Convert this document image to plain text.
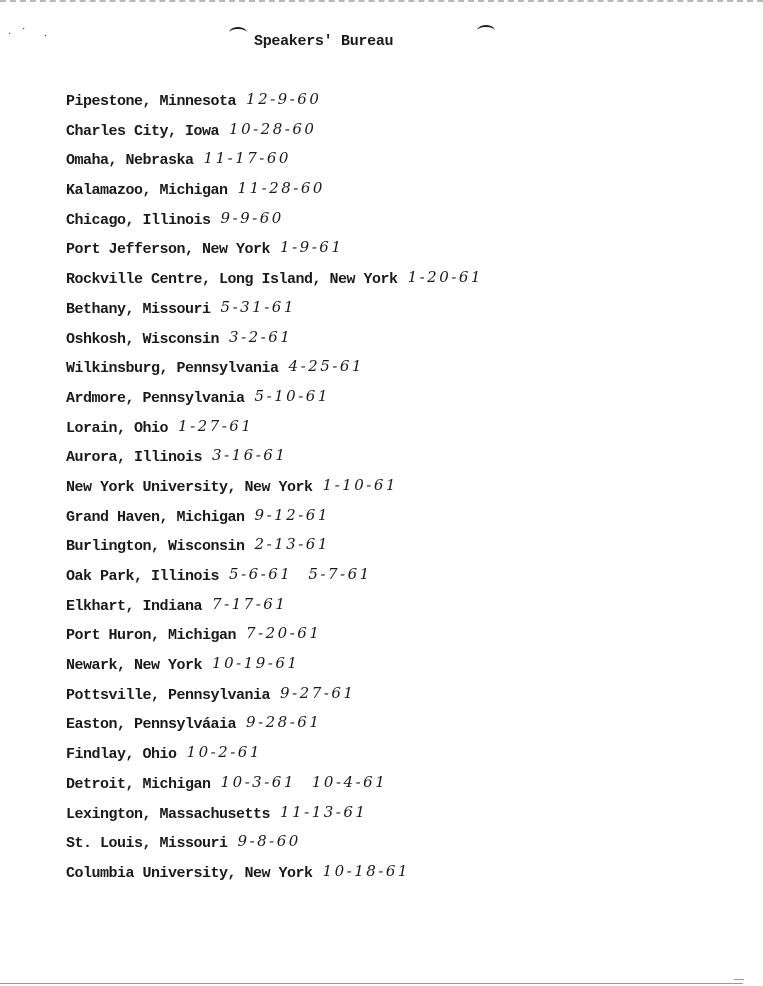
· ·
·	Speakers' Bureau
Pipestone, Minnesota 12-9-60
Charles City, Iowa 10-28-60
Omaha, Nebraska 11-17-60
Kalamazoo, Michigan 11-28-60
Chicago, Illinois 9-9-60
Port Jefferson, New York 1-9-61
Rockville Centre, Long Island, New York 1-20-61
Bethany, Missouri 5-31-61
Oshkosh, Wisconsin 3-2-61
Wilkinsburg, Pennsylvania 4-25-61
Ardmore, Pennsylvania 5-10-61
Lorain, Ohio 1-27-61
Aurora, Illinois 3-16-61
New York University, New York 1-10-61
Grand Haven, Michigan 9-12-61
Burlington, Wisconsin 2-13-61
Oak Park, Illinois 5-6-61 5-7-61
Elkhart, Indiana 7-17-61
Port Huron, Michigan 7-20-61
Newark, New York 10-19-61
Pottsville, Pennsylvania 9-27-61
Easton, Pennsylváaia 9-28-61
Findlay, Ohio 10-2-61
Detroit, Michigan 10-3-61 10-4-61
Lexington, Massachusetts 11-13-61
St. Louis, Missouri 9-8-60
Columbia University, New York 10-18-61
